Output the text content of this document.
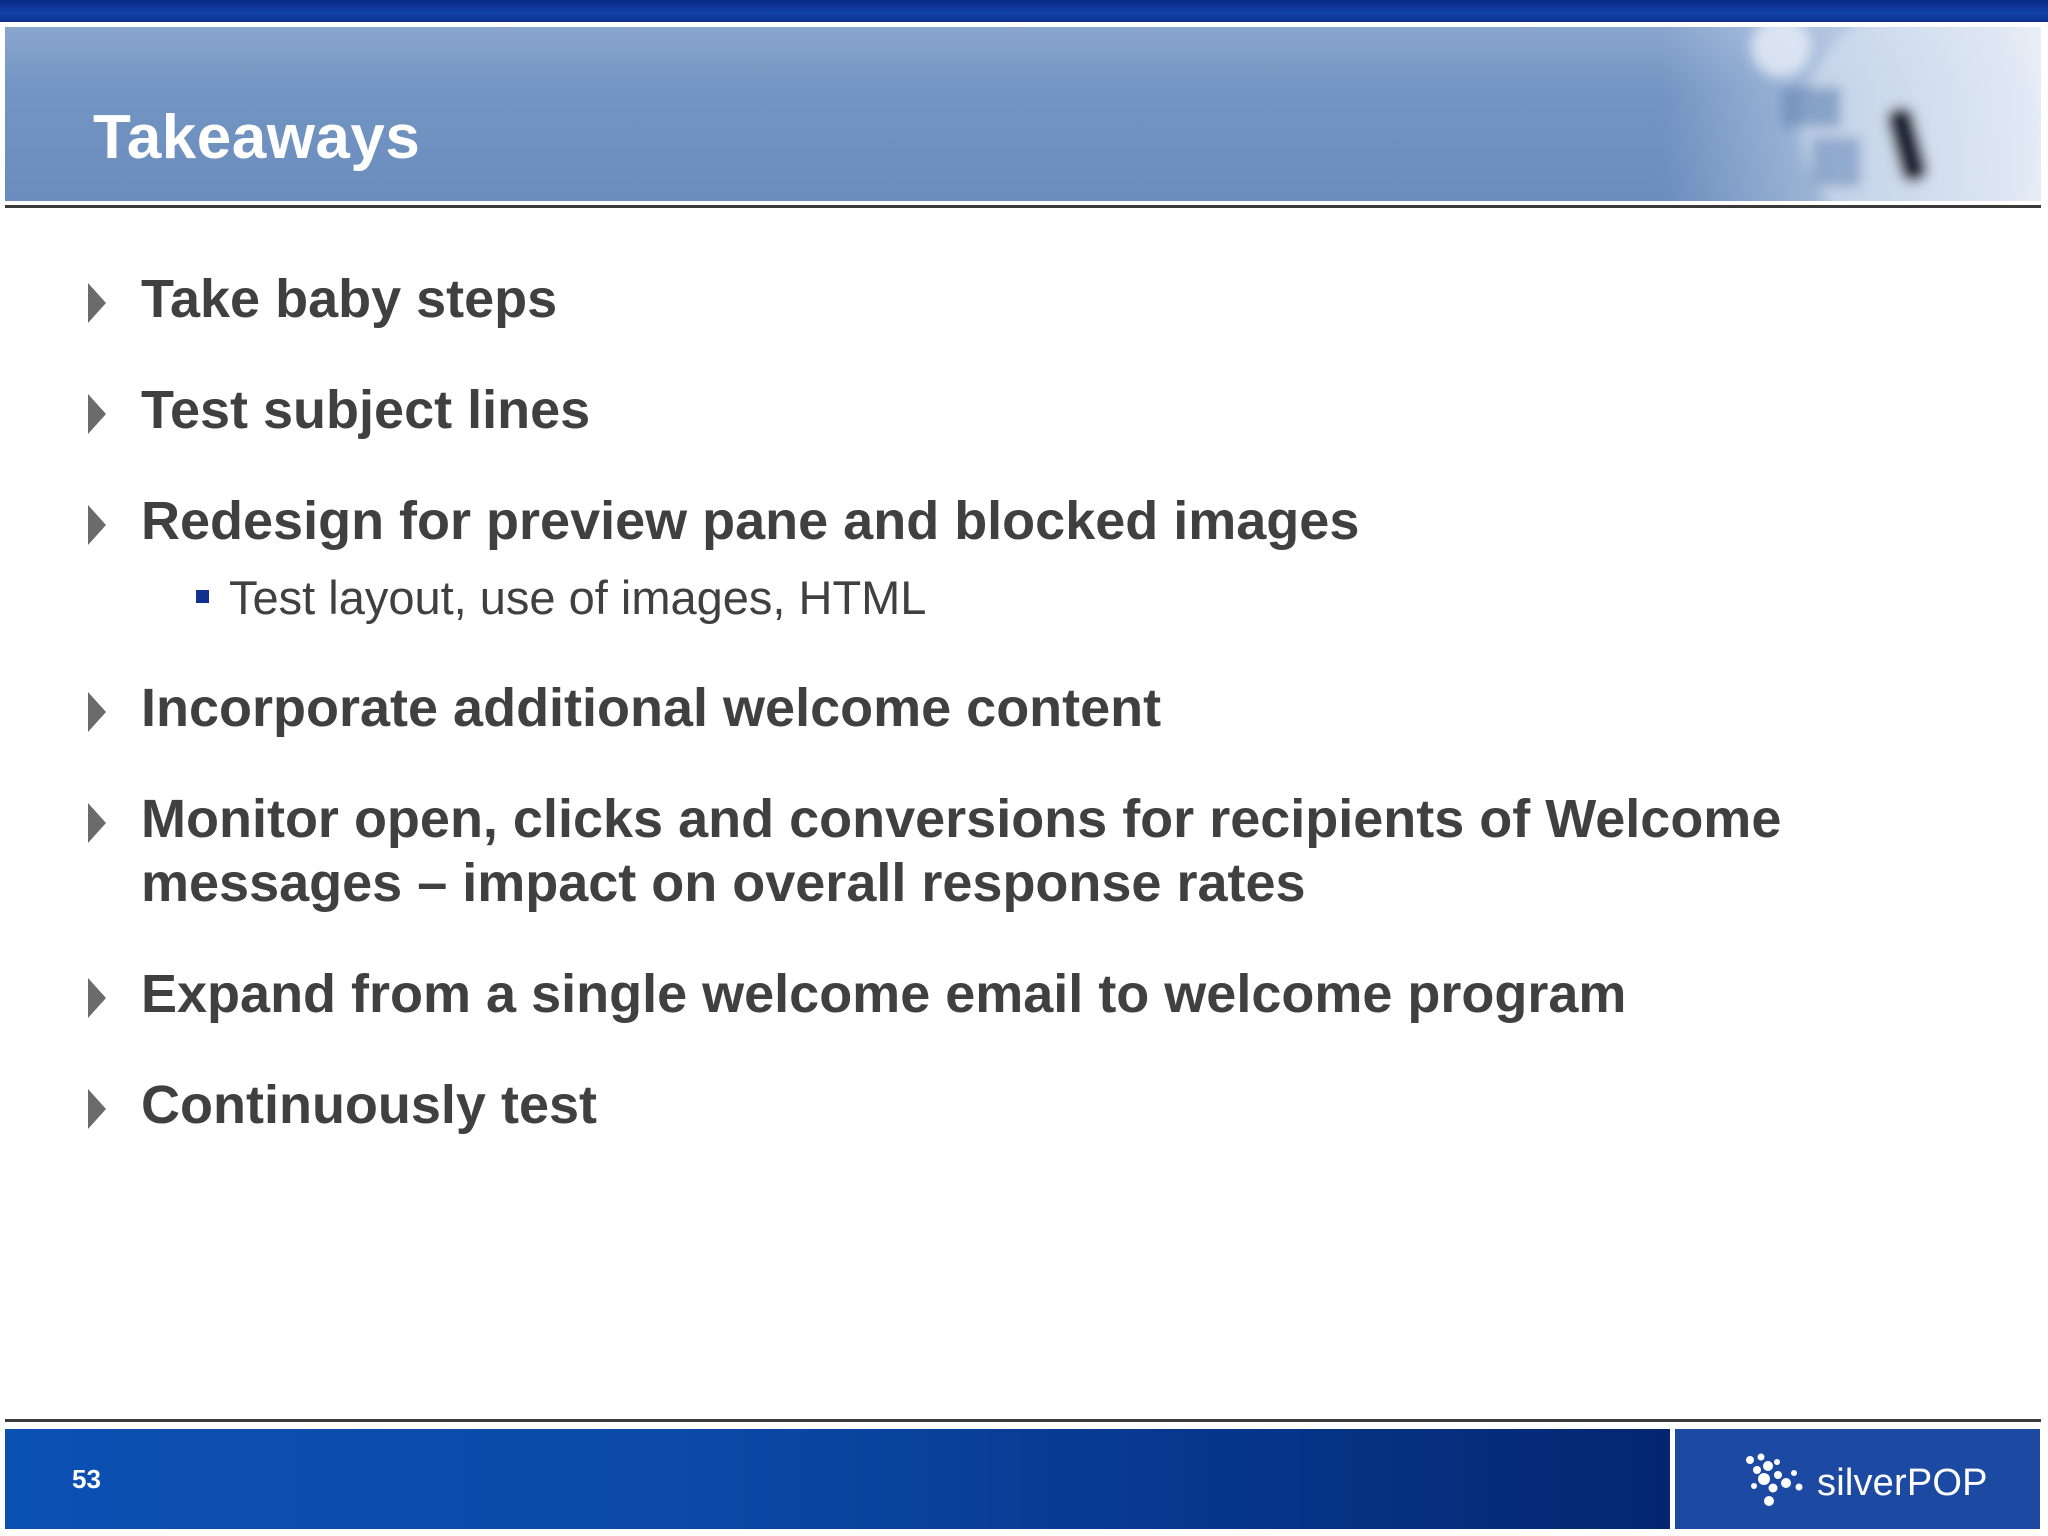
Takeaways
Take baby steps
Test subject lines
Redesign for preview pane and blocked images
Test layout, use of images, HTML
Incorporate additional welcome content
Monitor open, clicks and conversions for recipients of Welcome messages – impact on overall response rates
Expand from a single welcome email to welcome program
Continuously test
53	silverPOP
